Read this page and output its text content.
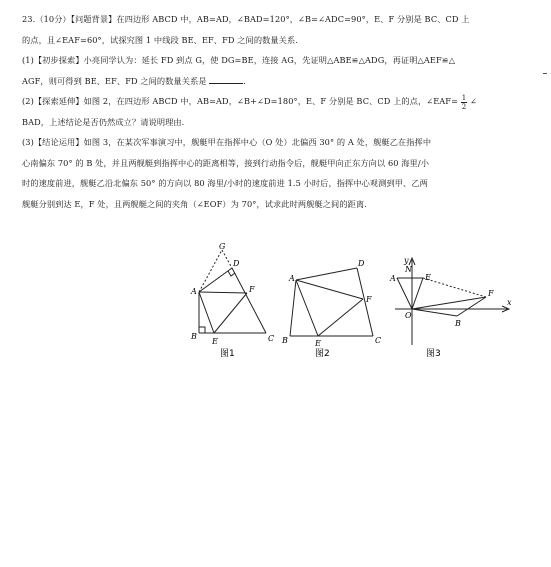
23.（10分）【问题背景】在四边形 ABCD 中，AB=AD，∠BAD=120°，∠B=∠ADC=90°，E、F 分别是 BC、CD 上
的点，且∠EAF=60°，试探究图 1 中线段 BE、EF、FD 之间的数量关系.
(1)【初步探索】小亮同学认为：延长 FD 到点 G，使 DG=BE，连接 AG，先证明△ABE≌△ADG，再证明△AEF≌△
AGF，则可得到 BE、EF、FD 之间的数量关系是	.
(2)【探索延伸】如图 2，在四边形 ABCD 中，AB=AD，∠B+∠D=180°，E、F 分别是 BC、CD 上的点，∠EAF= $\frac{1}{2}$ ∠
BAD，上述结论是否仍然成立？请说明理由.
(3)【结论运用】如图 3，在某次军事演习中，舰艇甲在指挥中心（O 处）北偏西 30° 的 A 处，舰艇乙在指挥中
心南偏东 70° 的 B 处，并且两舰艇到指挥中心的距离相等，接到行动指令后，舰艇甲向正东方向以 60 海里/小
时的速度前进，舰艇乙沿北偏东 50° 的方向以 80 海里/小时的速度前进 1.5 小时后，指挥中心观测到甲、乙两
舰艇分别到达 E，F 处，且两舰艇之间的夹角（∠EOF）为 70°，试求此时两舰艇之间的距离.
G
D
A	F
B
E	C
图1
A
D
F
B	E	C
图2
y
N
A	E
F
O
B
x
图3
